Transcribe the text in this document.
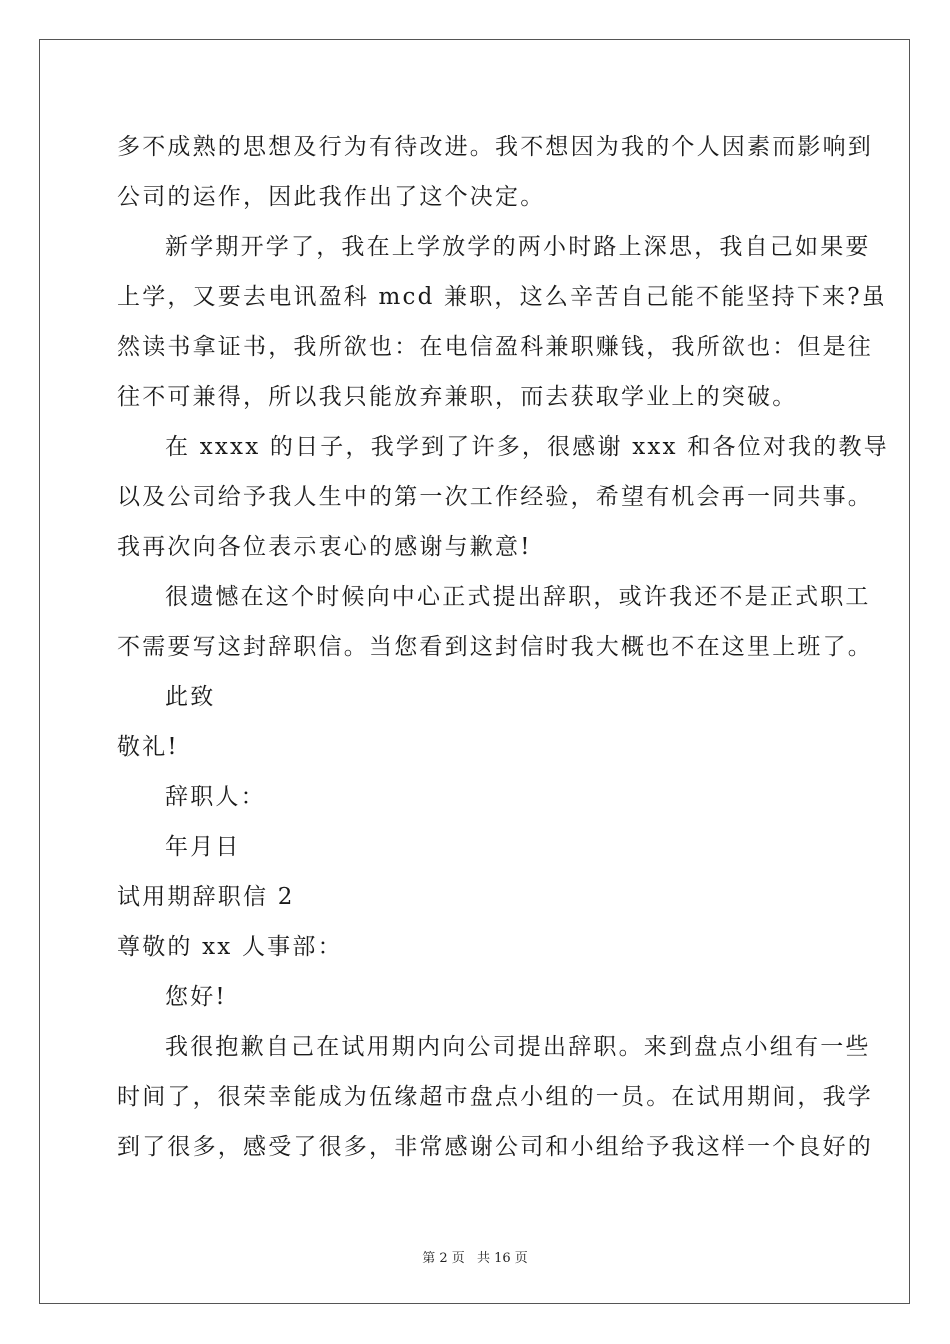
多不成熟的思想及行为有待改进。我不想因为我的个人因素而影响到
公司的运作，因此我作出了这个决定。
新学期开学了，我在上学放学的两小时路上深思，我自己如果要
上学，又要去电讯盈科 mcd 兼职，这么辛苦自己能不能坚持下来?虽
然读书拿证书，我所欲也：在电信盈科兼职赚钱，我所欲也：但是往
往不可兼得，所以我只能放弃兼职，而去获取学业上的突破。
在 xxxx 的日子，我学到了许多，很感谢 xxx 和各位对我的教导
以及公司给予我人生中的第一次工作经验，希望有机会再一同共事。
我再次向各位表示衷心的感谢与歉意!
很遗憾在这个时候向中心正式提出辞职，或许我还不是正式职工
不需要写这封辞职信。当您看到这封信时我大概也不在这里上班了。
此致
敬礼!
辞职人：
年月日
试用期辞职信 2
尊敬的 xx 人事部：
您好!
我很抱歉自己在试用期内向公司提出辞职。来到盘点小组有一些
时间了，很荣幸能成为伍缘超市盘点小组的一员。在试用期间，我学
到了很多，感受了很多，非常感谢公司和小组给予我这样一个良好的
第 2 页 共 16 页
